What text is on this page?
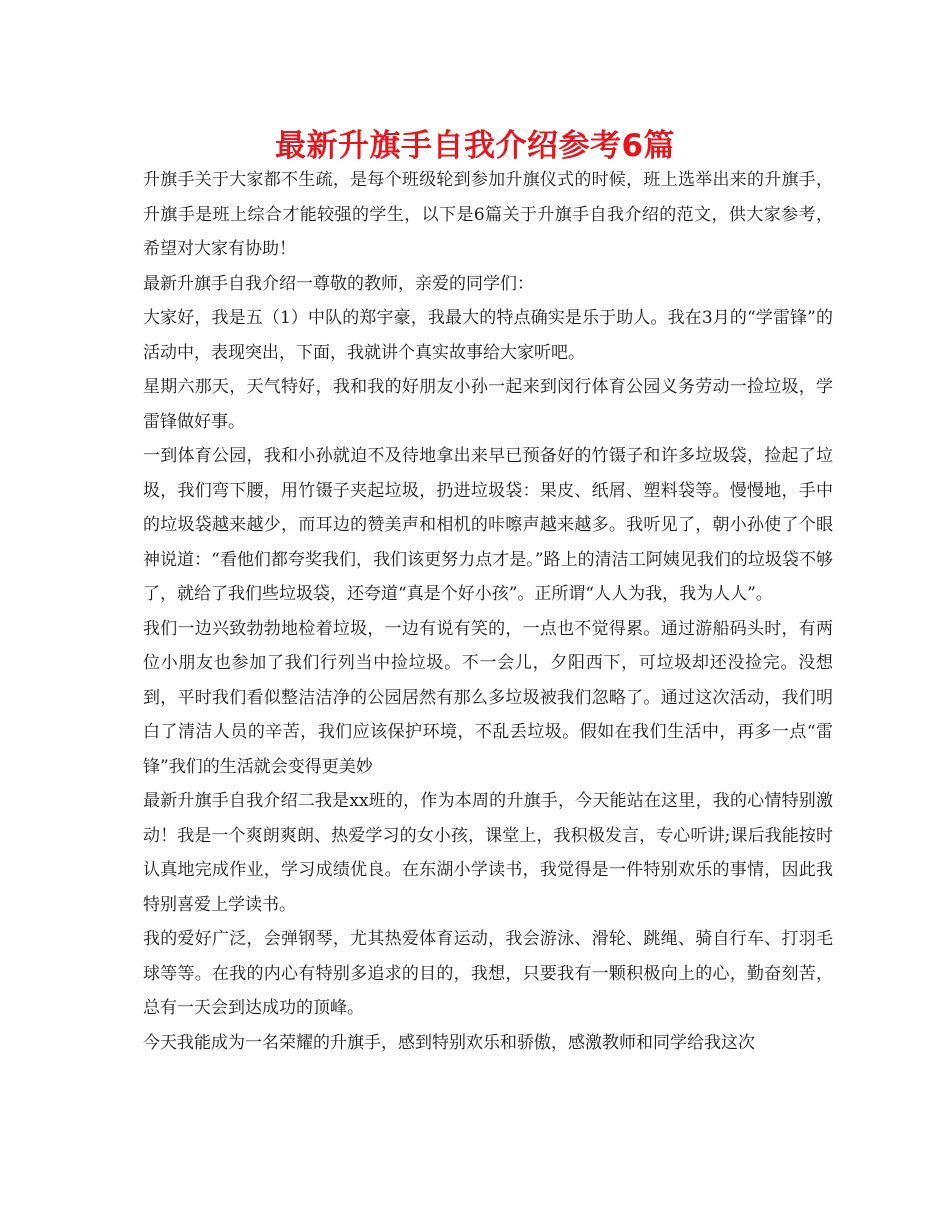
最新升旗手自我介绍参考6篇

升旗手关于大家都不生疏，是每个班级轮到参加升旗仪式的时候，班上选举出来的升旗手，升旗手是班上综合才能较强的学生，以下是6篇关于升旗手自我介绍的范文，供大家参考，希望对大家有协助！

最新升旗手自我介绍一尊敬的教师，亲爱的同学们：

大家好，我是五（1）中队的郑宇豪，我最大的特点确实是乐于助人。我在3月的“学雷锋”的活动中，表现突出，下面，我就讲个真实故事给大家听吧。

星期六那天，天气特好，我和我的好朋友小孙一起来到闵行体育公园义务劳动一捡垃圾，学雷锋做好事。

一到体育公园，我和小孙就迫不及待地拿出来早已预备好的竹镊子和许多垃圾袋，捡起了垃圾，我们弯下腰，用竹镊子夹起垃圾，扔进垃圾袋：果皮、纸屑、塑料袋等。慢慢地，手中的垃圾袋越来越少，而耳边的赞美声和相机的咔嚓声越来越多。我听见了，朝小孙使了个眼神说道：“看他们都夸奖我们，我们该更努力点才是。”路上的清洁工阿姨见我们的垃圾袋不够了，就给了我们些垃圾袋，还夸道“真是个好小孩”。正所谓“人人为我，我为人人”。

我们一边兴致勃勃地检着垃圾，一边有说有笑的，一点也不觉得累。通过游船码头时，有两位小朋友也参加了我们行列当中捡垃圾。不一会儿，夕阳西下，可垃圾却还没捡完。没想到，平时我们看似整洁洁净的公园居然有那么多垃圾被我们忽略了。通过这次活动，我们明白了清洁人员的辛苦，我们应该保护环境，不乱丢垃圾。假如在我们生活中，再多一点“雷锋”我们的生活就会变得更美妙

最新升旗手自我介绍二我是xx班的，作为本周的升旗手，今天能站在这里，我的心情特别激动！我是一个爽朗爽朗、热爱学习的女小孩，课堂上，我积极发言，专心听讲;课后我能按时认真地完成作业，学习成绩优良。在东湖小学读书，我觉得是一件特别欢乐的事情，因此我特别喜爱上学读书。

我的爱好广泛，会弹钢琴，尤其热爱体育运动，我会游泳、滑轮、跳绳、骑自行车、打羽毛球等等。在我的内心有特别多追求的目的，我想，只要我有一颗积极向上的心，勤奋刻苦，总有一天会到达成功的顶峰。

今天我能成为一名荣耀的升旗手，感到特别欢乐和骄傲，感激教师和同学给我这次
